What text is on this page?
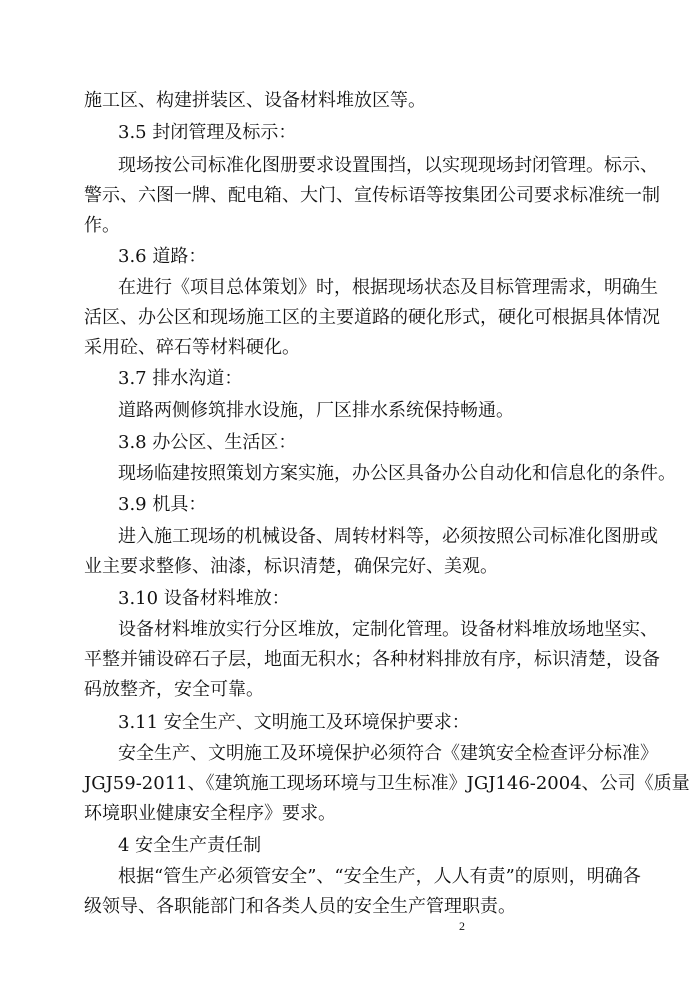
施工区、构建拼装区、设备材料堆放区等。
3.5 封闭管理及标示：
现场按公司标准化图册要求设置围挡，以实现现场封闭管理。标示、
警示、六图一牌、配电箱、大门、宣传标语等按集团公司要求标准统一制
作。
3.6 道路：
在进行《项目总体策划》时，根据现场状态及目标管理需求，明确生
活区、办公区和现场施工区的主要道路的硬化形式，硬化可根据具体情况
采用砼、碎石等材料硬化。
3.7 排水沟道：
道路两侧修筑排水设施，厂区排水系统保持畅通。
3.8 办公区、生活区：
现场临建按照策划方案实施，办公区具备办公自动化和信息化的条件。
3.9 机具：
进入施工现场的机械设备、周转材料等，必须按照公司标准化图册或
业主要求整修、油漆，标识清楚，确保完好、美观。
3.10 设备材料堆放：
设备材料堆放实行分区堆放，定制化管理。设备材料堆放场地坚实、
平整并铺设碎石子层，地面无积水；各种材料排放有序，标识清楚，设备
码放整齐，安全可靠。
3.11 安全生产、文明施工及环境保护要求：
安全生产、文明施工及环境保护必须符合《建筑安全检查评分标准》
JGJ59-2011、《建筑施工现场环境与卫生标准》JGJ146-2004、公司《质量
环境职业健康安全程序》要求。
4 安全生产责任制
根据“管生产必须管安全”、“安全生产，人人有责”的原则，明确各
级领导、各职能部门和各类人员的安全生产管理职责。
2
